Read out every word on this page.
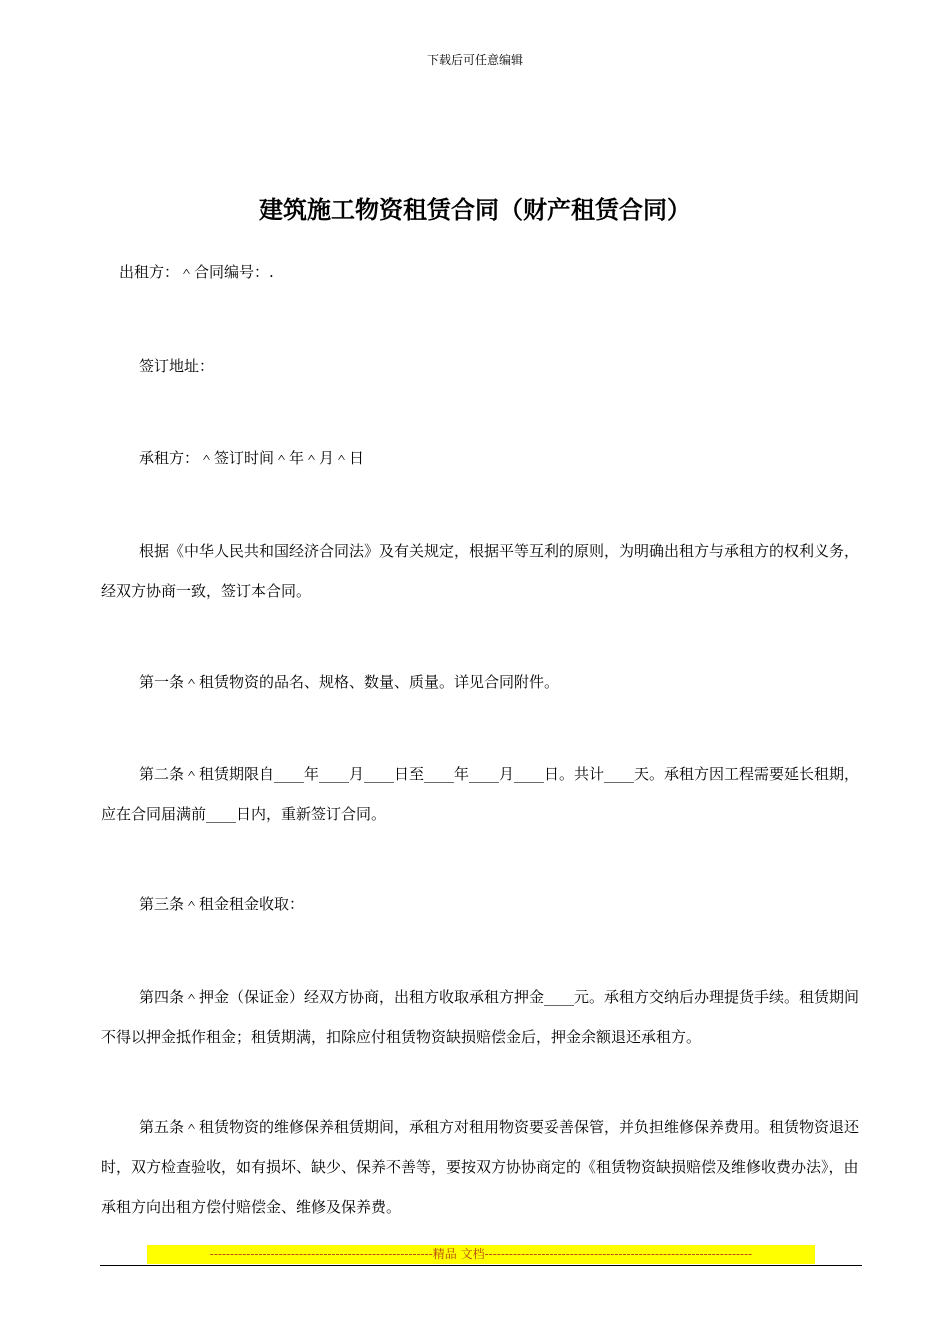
下载后可任意编辑
建筑施工物资租赁合同（财产租赁合同）

出租方：＾合同编号：.

签订地址：

承租方：＾签订时间＾年＾月＾日

根据《中华人民共和国经济合同法》及有关规定，根据平等互利的原则，为明确出租方与承租方的权利义务，经双方协商一致，签订本合同。

第一条＾租赁物资的品名、规格、数量、质量。详见合同附件。

第二条＾租赁期限自____年____月____日至____年____月____日。共计____天。承租方因工程需要延长租期，应在合同届满前____日内，重新签订合同。

第三条＾租金租金收取：

第四条＾押金（保证金）经双方协商，出租方收取承租方押金____元。承租方交纳后办理提货手续。租赁期间不得以押金抵作租金；租赁期满，扣除应付租赁物资缺损赔偿金后，押金余额退还承租方。

第五条＾租赁物资的维修保养租赁期间，承租方对租用物资要妥善保管，并负担维修保养费用。租赁物资退还时，双方检查验收，如有损坏、缺少、保养不善等，要按双方协协商定的《租赁物资缺损赔偿及维修收费办法》，由承租方向出租方偿付赔偿金、维修及保养费。

-------------------------------------------------------精品 文档------------------------------------------------------------------
